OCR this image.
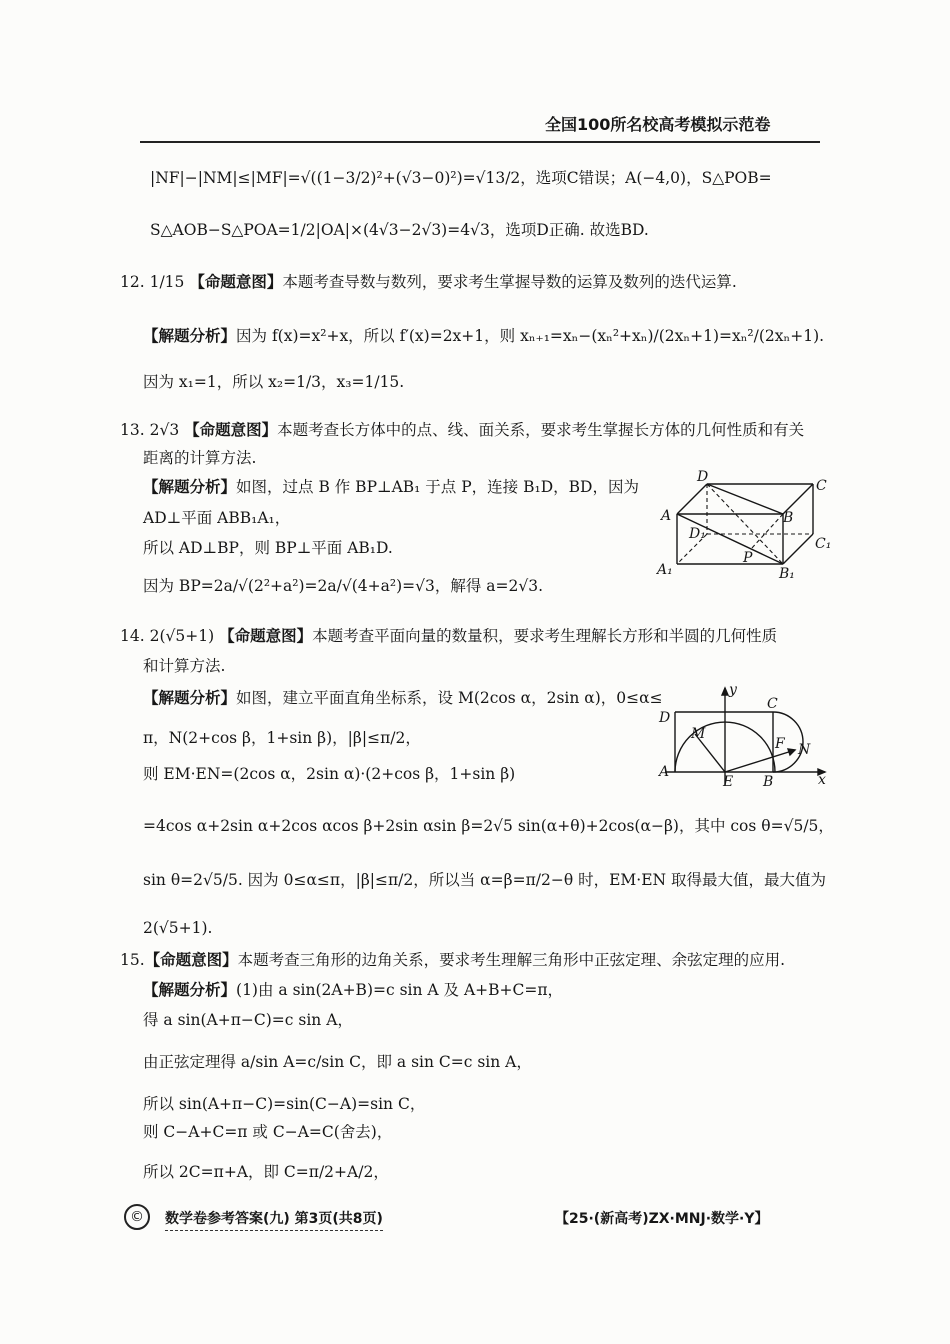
全国100所名校高考模拟示范卷
|NF|−|NM|≤|MF|=√((1−3/2)²+(√3−0)²)=√13/2，选项C错误；A(−4,0)，S△POB=
S△AOB−S△POA=1/2|OA|×(4√3−2√3)=4√3，选项D正确. 故选BD.
12. 1/15 【命题意图】本题考查导数与数列，要求考生掌握导数的运算及数列的迭代运算.
【解题分析】因为 f(x)=x²+x，所以 f′(x)=2x+1，则 xₙ₊₁=xₙ−(xₙ²+xₙ)/(2xₙ+1)=xₙ²/(2xₙ+1).
因为 x₁=1，所以 x₂=1/3，x₃=1/15.
13. 2√3 【命题意图】本题考查长方体中的点、线、面关系，要求考生掌握长方体的几何性质和有关
距离的计算方法.
【解题分析】如图，过点 B 作 BP⊥AB₁ 于点 P，连接 B₁D，BD，因为
AD⊥平面 ABB₁A₁，
所以 AD⊥BP，则 BP⊥平面 AB₁D.
因为 BP=2a/√(2²+a²)=2a/√(4+a²)=√3，解得 a=2√3.
D
C
A	B
D₁
C₁
P
A₁	B₁
14. 2(√5+1) 【命题意图】本题考查平面向量的数量积，要求考生理解长方形和半圆的几何性质
和计算方法.
【解题分析】如图，建立平面直角坐标系，设 M(2cos α，2sin α)，0≤α≤
π，N(2+cos β，1+sin β)，|β|≤π/2，
则 EM·EN=(2cos α，2sin α)·(2+cos β，1+sin β)
=4cos α+2sin α+2cos αcos β+2sin αsin β=2√5 sin(α+θ)+2cos(α−β)，其中 cos θ=√5/5，
sin θ=2√5/5. 因为 0≤α≤π，|β|≤π/2，所以当 α=β=π/2−θ 时，EM·EN 取得最大值，最大值为
2(√5+1).
y
D
C
M
F N
A
E B	x
15.【命题意图】本题考查三角形的边角关系，要求考生理解三角形中正弦定理、余弦定理的应用.
【解题分析】(1)由 a sin(2A+B)=c sin A 及 A+B+C=π，
得 a sin(A+π−C)=c sin A，
由正弦定理得 a/sin A=c/sin C，即 a sin C=c sin A，
所以 sin(A+π−C)=sin(C−A)=sin C，
则 C−A+C=π 或 C−A=C(舍去)，
所以 2C=π+A，即 C=π/2+A/2，
©	数学卷参考答案(九) 第3页(共8页)	【25·(新高考)ZX·MNJ·数学·Y】
